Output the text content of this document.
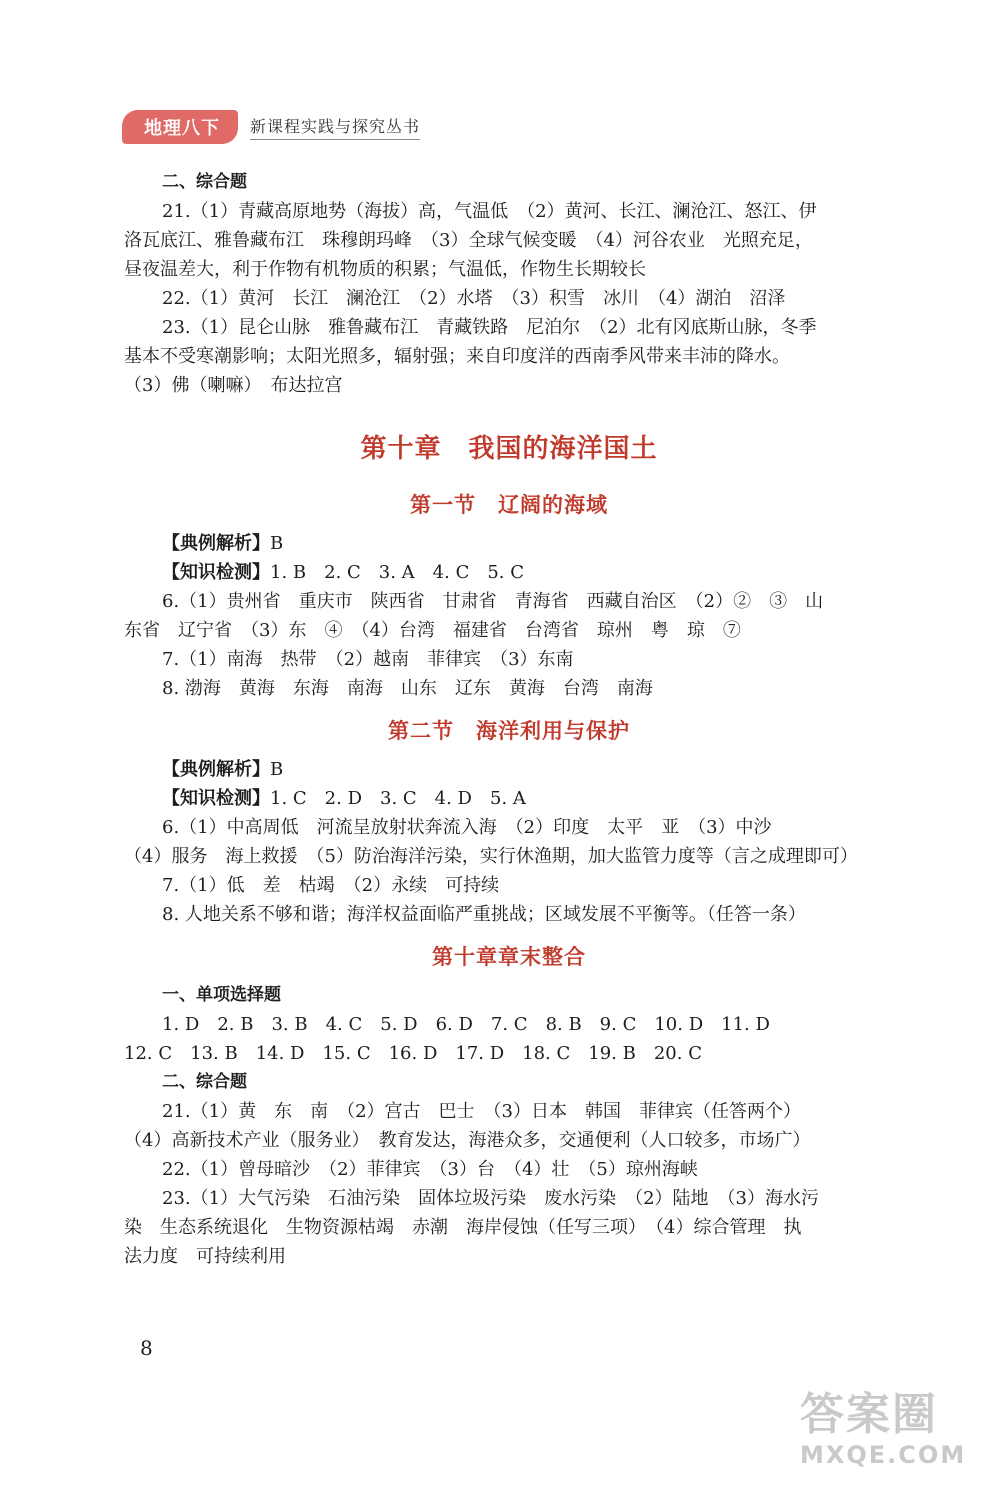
地理八下	新课程实践与探究丛书
二、综合题
21.（1）青藏高原地势（海拔）高，气温低　（2）黄河、长江、澜沧江、怒江、伊
洛瓦底江、雅鲁藏布江　珠穆朗玛峰　（3）全球气候变暖　（4）河谷农业　光照充足，
昼夜温差大，利于作物有机物质的积累；气温低，作物生长期较长
22.（1）黄河　长江　澜沧江　（2）水塔　（3）积雪　冰川　（4）湖泊　沼泽
23.（1）昆仑山脉　雅鲁藏布江　青藏铁路　尼泊尔　（2）北有冈底斯山脉，冬季
基本不受寒潮影响；太阳光照多，辐射强；来自印度洋的西南季风带来丰沛的降水。
（3）佛（喇嘛）　布达拉宫
第十章　我国的海洋国土
第一节　辽阔的海域
【典例解析】B
【知识检测】1. B　2. C　3. A　4. C　5. C
6.（1）贵州省　重庆市　陕西省　甘肃省　青海省　西藏自治区　（2）②　③　山
东省　辽宁省　（3）东　④　（4）台湾　福建省　台湾省　琼州　粤　琼　⑦
7.（1）南海　热带　（2）越南　菲律宾　（3）东南
8. 渤海　黄海　东海　南海　山东　辽东　黄海　台湾　南海
第二节　海洋利用与保护
【典例解析】B
【知识检测】1. C　2. D　3. C　4. D　5. A
6.（1）中高周低　河流呈放射状奔流入海　（2）印度　太平　亚　（3）中沙
（4）服务　海上救援　（5）防治海洋污染，实行休渔期，加大监管力度等（言之成理即可）
7.（1）低　差　枯竭　（2）永续　可持续
8. 人地关系不够和谐；海洋权益面临严重挑战；区域发展不平衡等。（任答一条）
第十章章末整合
一、单项选择题
1. D　2. B　3. B　4. C　5. D　6. D　7. C　8. B　9. C　10. D　11. D
12. C　13. B　14. D　15. C　16. D　17. D　18. C　19. B　20. C
二、综合题
21.（1）黄　东　南　（2）宫古　巴士　（3）日本　韩国　菲律宾（任答两个）
（4）高新技术产业（服务业）　教育发达，海港众多，交通便利（人口较多，市场广）
22.（1）曾母暗沙　（2）菲律宾　（3）台　（4）壮　（5）琼州海峡
23.（1）大气污染　石油污染　固体垃圾污染　废水污染　（2）陆地　（3）海水污
染　生态系统退化　生物资源枯竭　赤潮　海岸侵蚀（任写三项）　（4）综合管理　执
法力度　可持续利用
8
答案圈
MXQE.COM
